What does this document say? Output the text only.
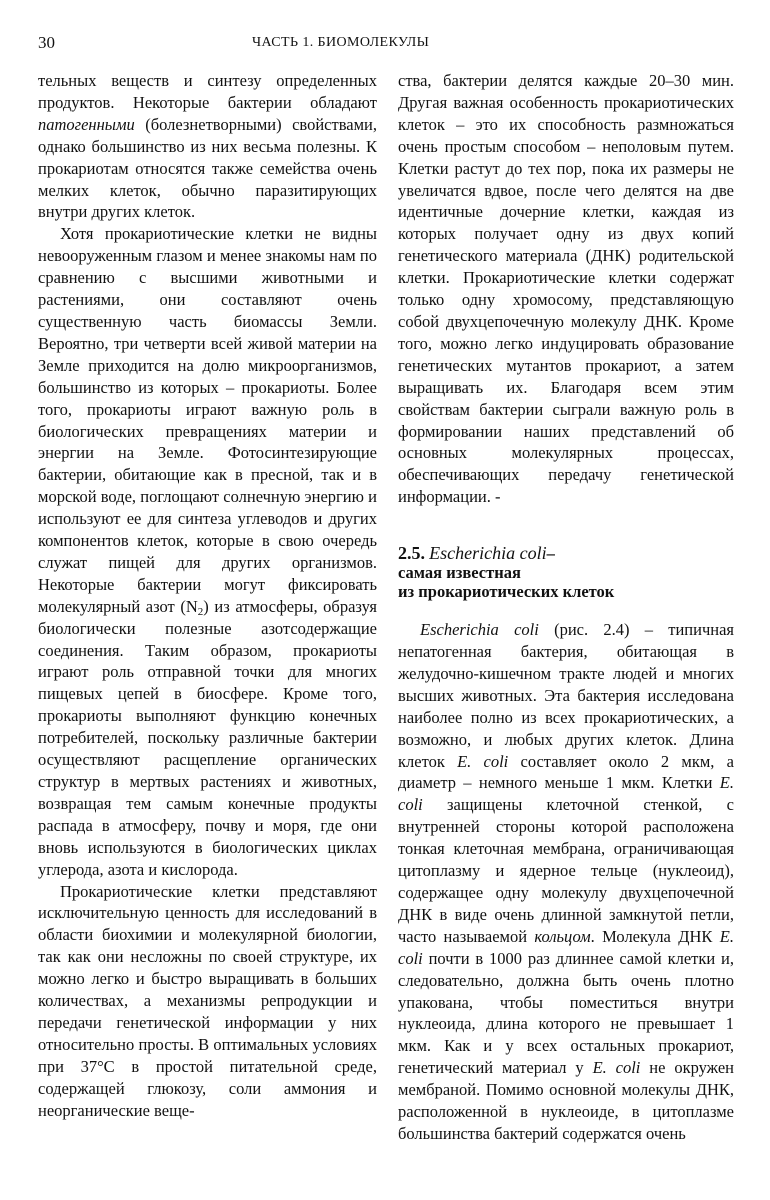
30	ЧАСТЬ 1. БИОМОЛЕКУЛЫ

тельных веществ и синтезу определенных продуктов. Некоторые бактерии обладают патогенными (болезнетворными) свойствами, однако большинство из них весьма полезны. К прокариотам относятся также семейства очень мелких клеток, обычно паразитирующих внутри других клеток.

Хотя прокариотические клетки не видны невооруженным глазом и менее знакомы нам по сравнению с высшими животными и растениями, они составляют очень существенную часть биомассы Земли. Вероятно, три четверти всей живой материи на Земле приходится на долю микроорганизмов, большинство из которых – прокариоты. Более того, прокариоты играют важную роль в биологических превращениях материи и энергии на Земле. Фотосинтезирующие бактерии, обитающие как в пресной, так и в морской воде, поглощают солнечную энергию и используют ее для синтеза углеводов и других компонентов клеток, которые в свою очередь служат пищей для других организмов. Некоторые бактерии могут фиксировать молекулярный азот $(N_2)$ из атмосферы, образуя биологически полезные азотсодержащие соединения. Таким образом, прокариоты играют роль отправной точки для многих пищевых цепей в биосфере. Кроме того, прокариоты выполняют функцию конечных потребителей, поскольку различные бактерии осуществляют расщепление органических структур в мертвых растениях и животных, возвращая тем самым конечные продукты распада в атмосферу, почву и моря, где они вновь используются в биологических циклах углерода, азота и кислорода.

Прокариотические клетки представляют исключительную ценность для исследований в области биохимии и молекулярной биологии, так как они несложны по своей структуре, их можно легко и быстро выращивать в больших количествах, а механизмы репродукции и передачи генетической информации у них относительно просты. В оптимальных условиях при 37°С в простой питательной среде, содержащей глюкозу, соли аммония и неорганические веще-

ства, бактерии делятся каждые 20–30 мин. Другая важная особенность прокариотических клеток – это их способность размножаться очень простым способом – неполовым путем. Клетки растут до тех пор, пока их размеры не увеличатся вдвое, после чего делятся на две идентичные дочерние клетки, каждая из которых получает одну из двух копий генетического материала (ДНК) родительской клетки. Прокариотические клетки содержат только одну хромосому, представляющую собой двухцепочечную молекулу ДНК. Кроме того, можно легко индуцировать образование генетических мутантов прокариот, а затем выращивать их. Благодаря всем этим свойствам бактерии сыграли важную роль в формировании наших представлений об основных молекулярных процессах, обеспечивающих передачу генетической информации. -

2.5. Escherichia coli–
самая известная
из прокариотических клеток

Escherichia coli (рис. 2.4) – типичная непатогенная бактерия, обитающая в желудочно-кишечном тракте людей и многих высших животных. Эта бактерия исследована наиболее полно из всех прокариотических, а возможно, и любых других клеток. Длина клеток E. coli составляет около 2 мкм, а диаметр – немного меньше 1 мкм. Клетки E. coli защищены клеточной стенкой, с внутренней стороны которой расположена тонкая клеточная мембрана, ограничивающая цитоплазму и ядерное тельце (нуклеоид), содержащее одну молекулу двухцепочечной ДНК в виде очень длинной замкнутой петли, часто называемой кольцом. Молекула ДНК E. coli почти в 1000 раз длиннее самой клетки и, следовательно, должна быть очень плотно упакована, чтобы поместиться внутри нуклеоида, длина которого не превышает 1 мкм. Как и у всех остальных прокариот, генетический материал у E. coli не окружен мембраной. Помимо основной молекулы ДНК, расположенной в нуклеоиде, в цитоплазме большинства бактерий содержатся очень
